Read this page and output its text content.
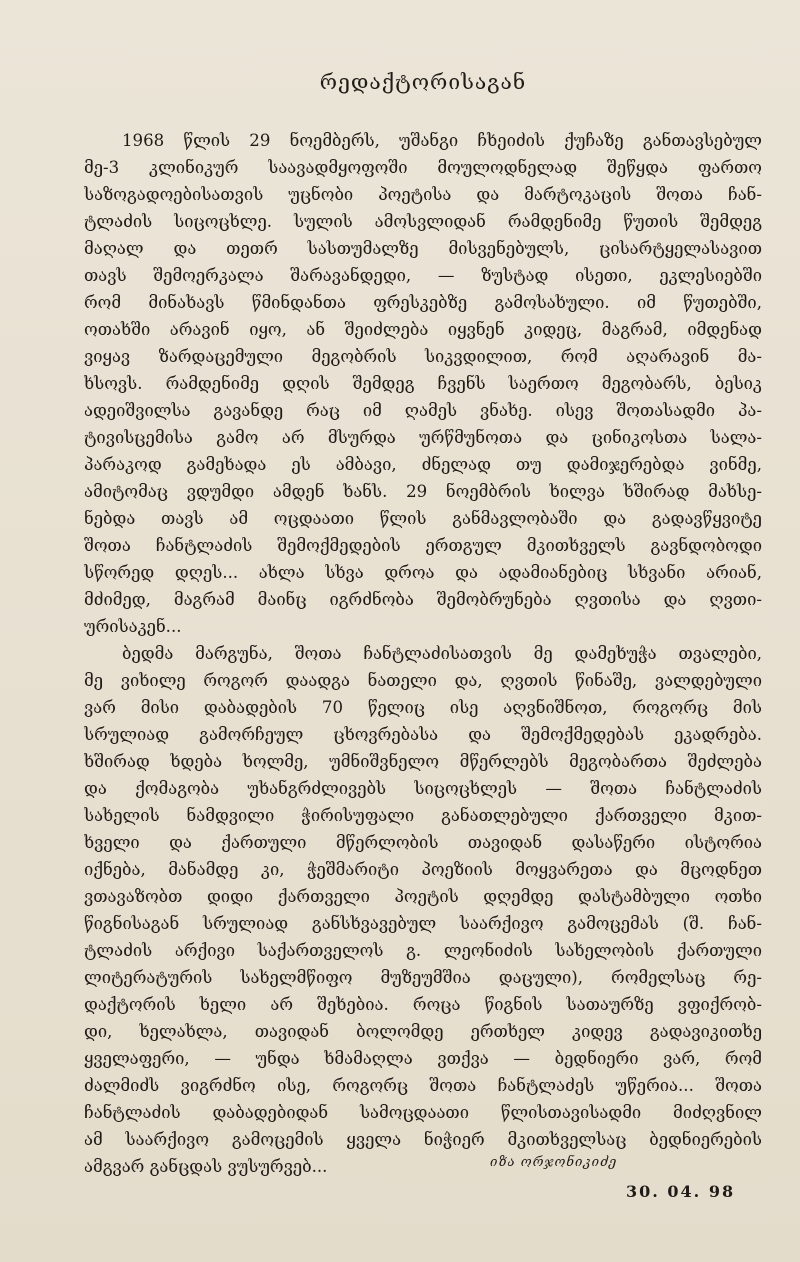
რედაქტორისაგან
1968 წლის 29 ნოემბერს, უშანგი ჩხეიძის ქუჩაზე განთავსებულ
მე-3 კლინიკურ საავადმყოფოში მოულოდნელად შეწყდა ფართო
საზოგადოებისათვის უცნობი პოეტისა და მარტოკაცის შოთა ჩან-
ტლაძის სიცოცხლე. სულის ამოსვლიდან რამდენიმე წუთის შემდეგ
მაღალ და თეთრ სასთუმალზე მისვენებულს, ცისარტყელასავით
თავს შემოერკალა შარავანდედი, — ზუსტად ისეთი, ეკლესიებში
რომ მინახავს წმინდანთა ფრესკებზე გამოსახული. იმ წუთებში,
ოთახში არავინ იყო, ან შეიძლება იყვნენ კიდეც, მაგრამ, იმდენად
ვიყავ ზარდაცემული მეგობრის სიკვდილით, რომ აღარავინ მა-
ხსოვს. რამდენიმე დღის შემდეგ ჩვენს საერთო მეგობარს, ბესიკ
ადეიშვილსა გავანდე რაც იმ ღამეს ვნახე. ისევ შოთასადმი პა-
ტივისცემისა გამო არ მსურდა ურწმუნოთა და ცინიკოსთა სალა-
პარაკოდ გამეხადა ეს ამბავი, ძნელად თუ დამიჯერებდა ვინმე,
ამიტომაც ვდუმდი ამდენ ხანს. 29 ნოემბრის ხილვა ხშირად მახსე-
ნებდა თავს ამ ოცდაათი წლის განმავლობაში და გადავწყვიტე
შოთა ჩანტლაძის შემოქმედების ერთგულ მკითხველს გავნდობოდი
სწორედ დღეს... ახლა სხვა დროა და ადამიანებიც სხვანი არიან,
მძიმედ, მაგრამ მაინც იგრძნობა შემობრუნება ღვთისა და ღვთი-
ურისაკენ...
ბედმა მარგუნა, შოთა ჩანტლაძისათვის მე დამეხუჭა თვალები,
მე ვიხილე როგორ დაადგა ნათელი და, ღვთის წინაშე, ვალდებული
ვარ მისი დაბადების 70 წელიც ისე აღვნიშნოთ, როგორც მის
სრულიად გამორჩეულ ცხოვრებასა და შემოქმედებას ეკადრება.
ხშირად ხდება ხოლმე, უმნიშვნელო მწერლებს მეგობართა შეძლება
და ქომაგობა უხანგრძლივებს სიცოცხლეს — შოთა ჩანტლაძის
სახელის ნამდვილი ჭირისუფალი განათლებული ქართველი მკით-
ხველი და ქართული მწერლობის თავიდან დასაწერი ისტორია
იქნება, მანამდე კი, ჭეშმარიტი პოეზიის მოყვარეთა და მცოდნეთ
ვთავაზობთ დიდი ქართველი პოეტის დღემდე დასტამბული ოთხი
წიგნისაგან სრულიად განსხვავებულ საარქივო გამოცემას (შ. ჩან-
ტლაძის არქივი საქართველოს გ. ლეონიძის სახელობის ქართული
ლიტერატურის სახელმწიფო მუზეუმშია დაცული), რომელსაც რე-
დაქტორის ხელი არ შეხებია. როცა წიგნის სათაურზე ვფიქრობ-
დი, ხელახლა, თავიდან ბოლომდე ერთხელ კიდევ გადავიკითხე
ყველაფერი, — უნდა ხმამაღლა ვთქვა — ბედნიერი ვარ, რომ
ძალმიძს ვიგრძნო ისე, როგორც შოთა ჩანტლაძეს უწერია... შოთა
ჩანტლაძის დაბადებიდან სამოცდაათი წლისთავისადმი მიძღვნილ
ამ საარქივო გამოცემის ყველა ნიჭიერ მკითხველსაც ბედნიერების
ამგვარ განცდას ვუსურვებ...	იზა ორჯონიკიძე
30. 04. 98
